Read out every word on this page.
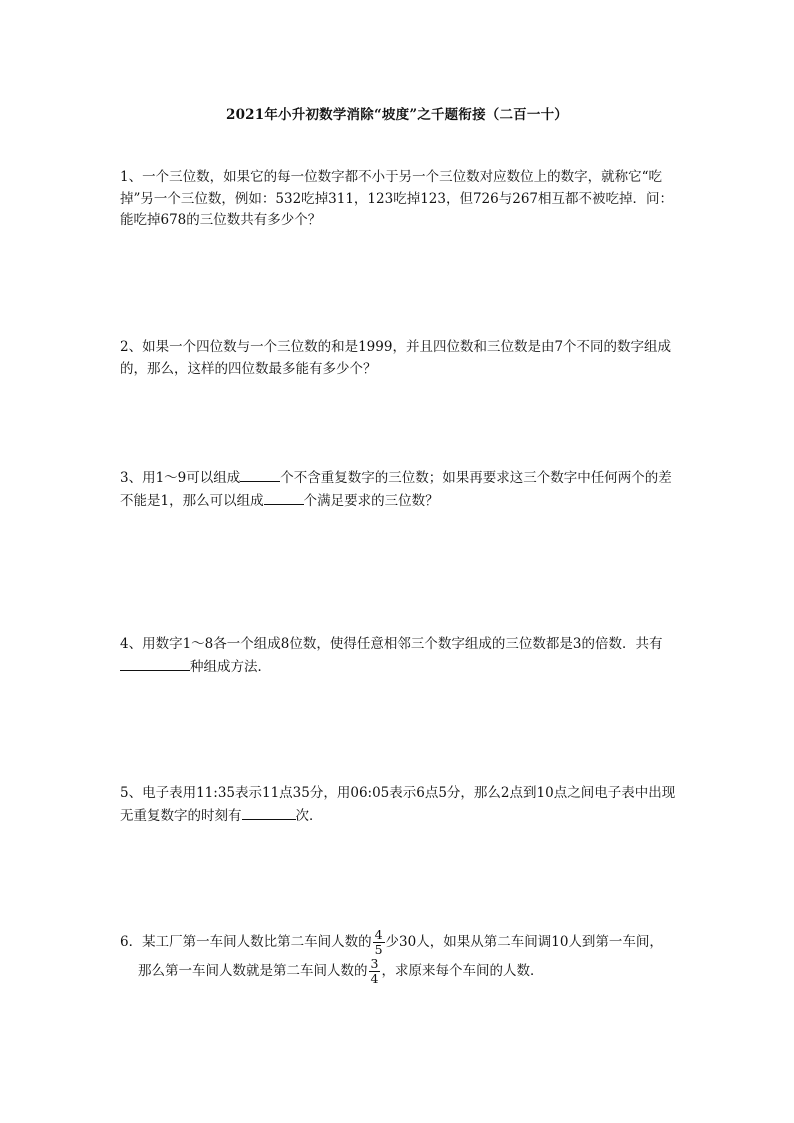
2021年小升初数学消除“坡度”之千题衔接（二百一十）
1、一个三位数，如果它的每一位数字都不小于另一个三位数对应数位上的数字，就称它“吃掉”另一个三位数，例如：532吃掉311，123吃掉123，但726与267相互都不被吃掉．问：能吃掉678的三位数共有多少个？
2、如果一个四位数与一个三位数的和是1999，并且四位数和三位数是由7个不同的数字组成的，那么，这样的四位数最多能有多少个？
3、用1～9可以组成	个不含重复数字的三位数；如果再要求这三个数字中任何两个的差不能是1，那么可以组成	个满足要求的三位数？
4、用数字1～8各一个组成8位数，使得任意相邻三个数字组成的三位数都是3的倍数．共有种组成方法．
5、电子表用11:35表示11点35分，用06:05表示6点5分，那么2点到10点之间电子表中出现无重复数字的时刻有	次．
6．某工厂第一车间人数比第二车间人数的 $\frac{4}{5}$ 少30人，如果从第二车间调10人到第一车间，
那么第一车间人数就是第二车间人数的 $\frac{3}{4}$ ，求原来每个车间的人数．
